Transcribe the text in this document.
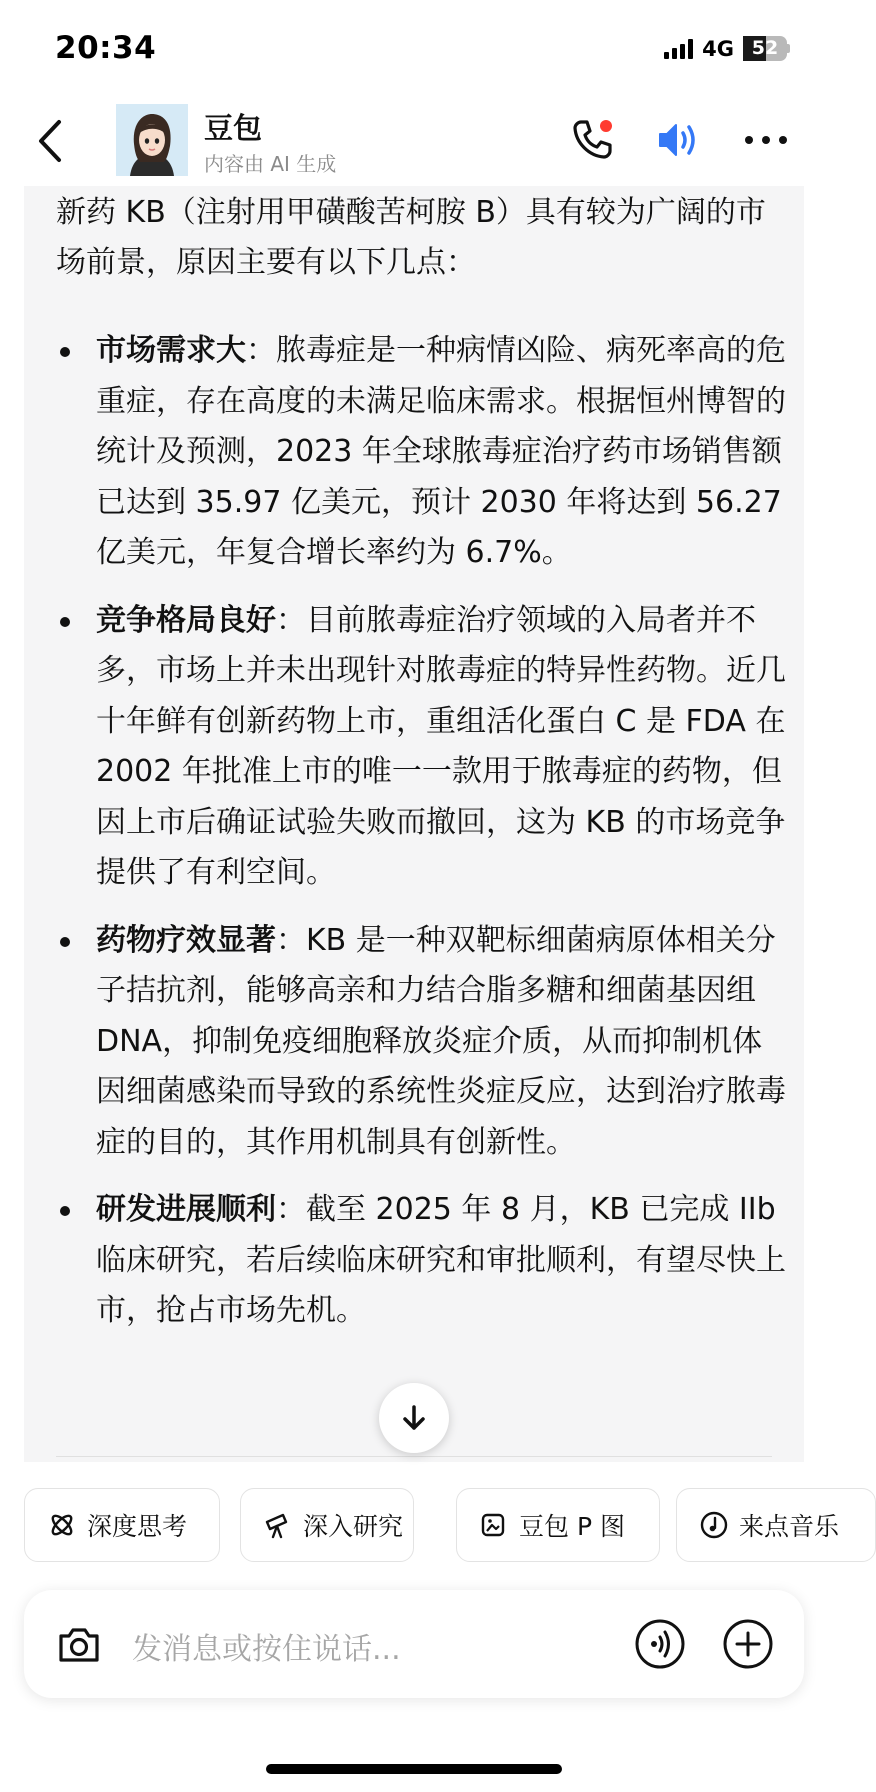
20:34	4G 52
豆包
内容由 AI 生成

新药 KB（注射用甲磺酸苦柯胺 B）具有较为广阔的市场前景，原因主要有以下几点：

市场需求大：脓毒症是一种病情凶险、病死率高的危重症，存在高度的未满足临床需求。根据恒州博智的统计及预测，2023 年全球脓毒症治疗药市场销售额已达到 35.97 亿美元，预计 2030 年将达到 56.27 亿美元，年复合增长率约为 6.7%。
竞争格局良好：目前脓毒症治疗领域的入局者并不多，市场上并未出现针对脓毒症的特异性药物。近几十年鲜有创新药物上市，重组活化蛋白 C 是 FDA 在 2002 年批准上市的唯一一款用于脓毒症的药物，但因上市后确证试验失败而撤回，这为 KB 的市场竞争提供了有利空间。
药物疗效显著：KB 是一种双靶标细菌病原体相关分子拮抗剂，能够高亲和力结合脂多糖和细菌基因组 DNA，抑制免疫细胞释放炎症介质，从而抑制机体因细菌感染而导致的系统性炎症反应，达到治疗脓毒症的目的，其作用机制具有创新性。
研发进展顺利：截至 2025 年 8 月，KB 已完成 IIb 临床研究，若后续临床研究和审批顺利，有望尽快上市，抢占市场先机。
深度思考	深入研究	豆包 P 图	来点音乐
发消息或按住说话...
